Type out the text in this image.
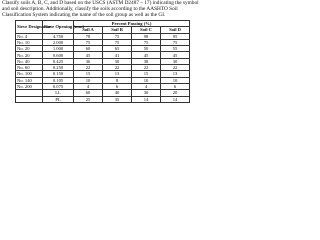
Classify soils A, B, C, and D based on the USCS (ASTM D2487 – 17) indicating the symbol and soil description. Additionally, classify the soils according to the AASHTO Soil Classification System indicating the name of the soil group as well as the GI.

Sieve Designation	Sieve Opening (mm)	Percent Passing (%)			
		Soil A	Soil B	Soil C	Soil D
No. 4	4.750	78	75	98	95
No. 10	2.000	75	75	75	75
No. 20	1.000	60	65	50	55
No. 20	0.600	45	41	45	45
No. 40	0.425	36	30	38	30
No. 60	0.250	22	22	22	22
No. 100	0.150	15	13	15	13
No. 140	0.105	10	8	10	10
No. 200	0.075	4	6	4	6
	LL	60	40	30	20
	PL	25	35	14	14
